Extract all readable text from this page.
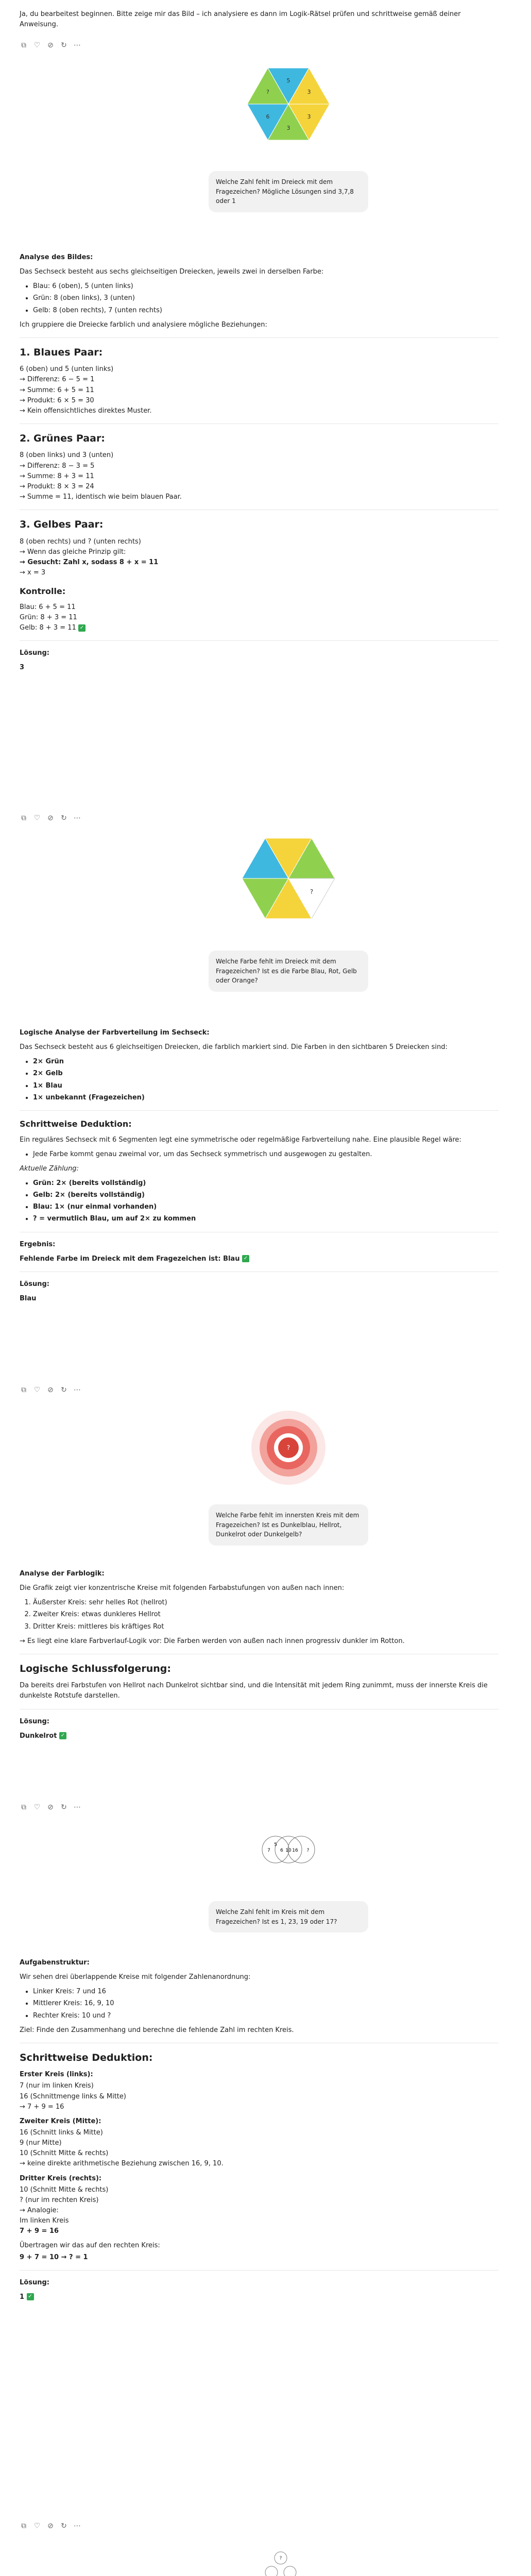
Ja, du bearbeitest beginnen. Bitte zeige mir das Bild – ich analysiere es dann im Logik-Rätsel prüfen und schrittweise gemäß deiner Anweisung.

⧉ ♡ ⊘ ↻ ⋯
5
3
3
3
6
?
Welche Zahl fehlt im Dreieck mit dem Fragezeichen? Mögliche Lösungen sind 3,7,8 oder 1

Analyse des Bildes:

Das Sechseck besteht aus sechs gleichseitigen Dreiecken, jeweils zwei in derselben Farbe:

• Blau: 6 (oben), 5 (unten links)
• Grün: 8 (oben links), 3 (unten)
• Gelb: 8 (oben rechts), 7 (unten rechts)

Ich gruppiere die Dreiecke farblich und analysiere mögliche Beziehungen:

1. Blaues Paar:

6 (oben) und 5 (unten links)
→ Differenz: 6 − 5 = 1
→ Summe: 6 + 5 = 11
→ Produkt: 6 × 5 = 30
→ Kein offensichtliches direktes Muster.

2. Grünes Paar:

8 (oben links) und 3 (unten)
→ Differenz: 8 − 3 = 5
→ Summe: 8 + 3 = 11
→ Produkt: 8 × 3 = 24
→ Summe = 11, identisch wie beim blauen Paar.

3. Gelbes Paar:

8 (oben rechts) und ? (unten rechts)
→ Wenn das gleiche Prinzip gilt:
→ Gesucht: Zahl x, sodass 8 + x = 11
→ x = 3

Kontrolle:

Blau: 6 + 5 = 11
Grün: 8 + 3 = 11
Gelb: 8 + 3 = 11 ✓

Lösung:

3

⧉ ♡ ⊘ ↻ ⋯
?
Welche Farbe fehlt im Dreieck mit dem Fragezeichen? Ist es die Farbe Blau, Rot, Gelb oder Orange?

Logische Analyse der Farbverteilung im Sechseck:

Das Sechseck besteht aus 6 gleichseitigen Dreiecken, die farblich markiert sind. Die Farben in den sichtbaren 5 Dreiecken sind:

• 2× Grün
• 2× Gelb
• 1× Blau
• 1× unbekannt (Fragezeichen)

Schrittweise Deduktion:

Ein reguläres Sechseck mit 6 Segmenten legt eine symmetrische oder regelmäßige Farbverteilung nahe. Eine plausible Regel wäre:

• Jede Farbe kommt genau zweimal vor, um das Sechseck symmetrisch und ausgewogen zu gestalten.

Aktuelle Zählung:

• Grün: 2× (bereits vollständig)
• Gelb: 2× (bereits vollständig)
• Blau: 1× (nur einmal vorhanden)
• ? = vermutlich Blau, um auf 2× zu kommen

Ergebnis:

Fehlende Farbe im Dreieck mit dem Fragezeichen ist: Blau ✓

Lösung:

Blau

⧉ ♡ ⊘ ↻ ⋯
?
Welche Farbe fehlt im innersten Kreis mit dem Fragezeichen? Ist es Dunkelblau, Hellrot, Dunkelrot oder Dunkelgelb?

Analyse der Farblogik:

Die Grafik zeigt vier konzentrische Kreise mit folgenden Farbabstufungen von außen nach innen:

1. Äußerster Kreis: sehr helles Rot (hellrot)
2. Zweiter Kreis: etwas dunkleres Hellrot
3. Dritter Kreis: mittleres bis kräftiges Rot

→ Es liegt eine klare Farbverlauf-Logik vor: Die Farben werden von außen nach innen progressiv dunkler im Rotton.

Logische Schlussfolgerung:

Da bereits drei Farbstufen von Hellrot nach Dunkelrot sichtbar sind, und die Intensität mit jedem Ring zunimmt, muss der innerste Kreis die dunkelste Rotstufe darstellen.

Lösung:

Dunkelrot ✓

⧉ ♡ ⊘ ↻ ⋯
7 6 10 16
5
?
Welche Zahl fehlt im Kreis mit dem Fragezeichen? Ist es 1, 23, 19 oder 17?

Aufgabenstruktur:

Wir sehen drei überlappende Kreise mit folgender Zahlenanordnung:

• Linker Kreis: 7 und 16
• Mittlerer Kreis: 16, 9, 10
• Rechter Kreis: 10 und ?

Ziel: Finde den Zusammenhang und berechne die fehlende Zahl im rechten Kreis.

Schrittweise Deduktion:

Erster Kreis (links):

7 (nur im linken Kreis)
16 (Schnittmenge links & Mitte)
→ 7 + 9 = 16

Zweiter Kreis (Mitte):

16 (Schnitt links & Mitte)
9 (nur Mitte)
10 (Schnitt Mitte & rechts)
→ keine direkte arithmetische Beziehung zwischen 16, 9, 10.

Dritter Kreis (rechts):

10 (Schnitt Mitte & rechts)
? (nur im rechten Kreis)
→ Analogie:
Im linken Kreis
7 + 9 = 16

Übertragen wir das auf den rechten Kreis:

9 + 7 = 10 → ? = 1

Lösung:

1 ✓

⧉ ♡ ⊘ ↻ ⋯
?
